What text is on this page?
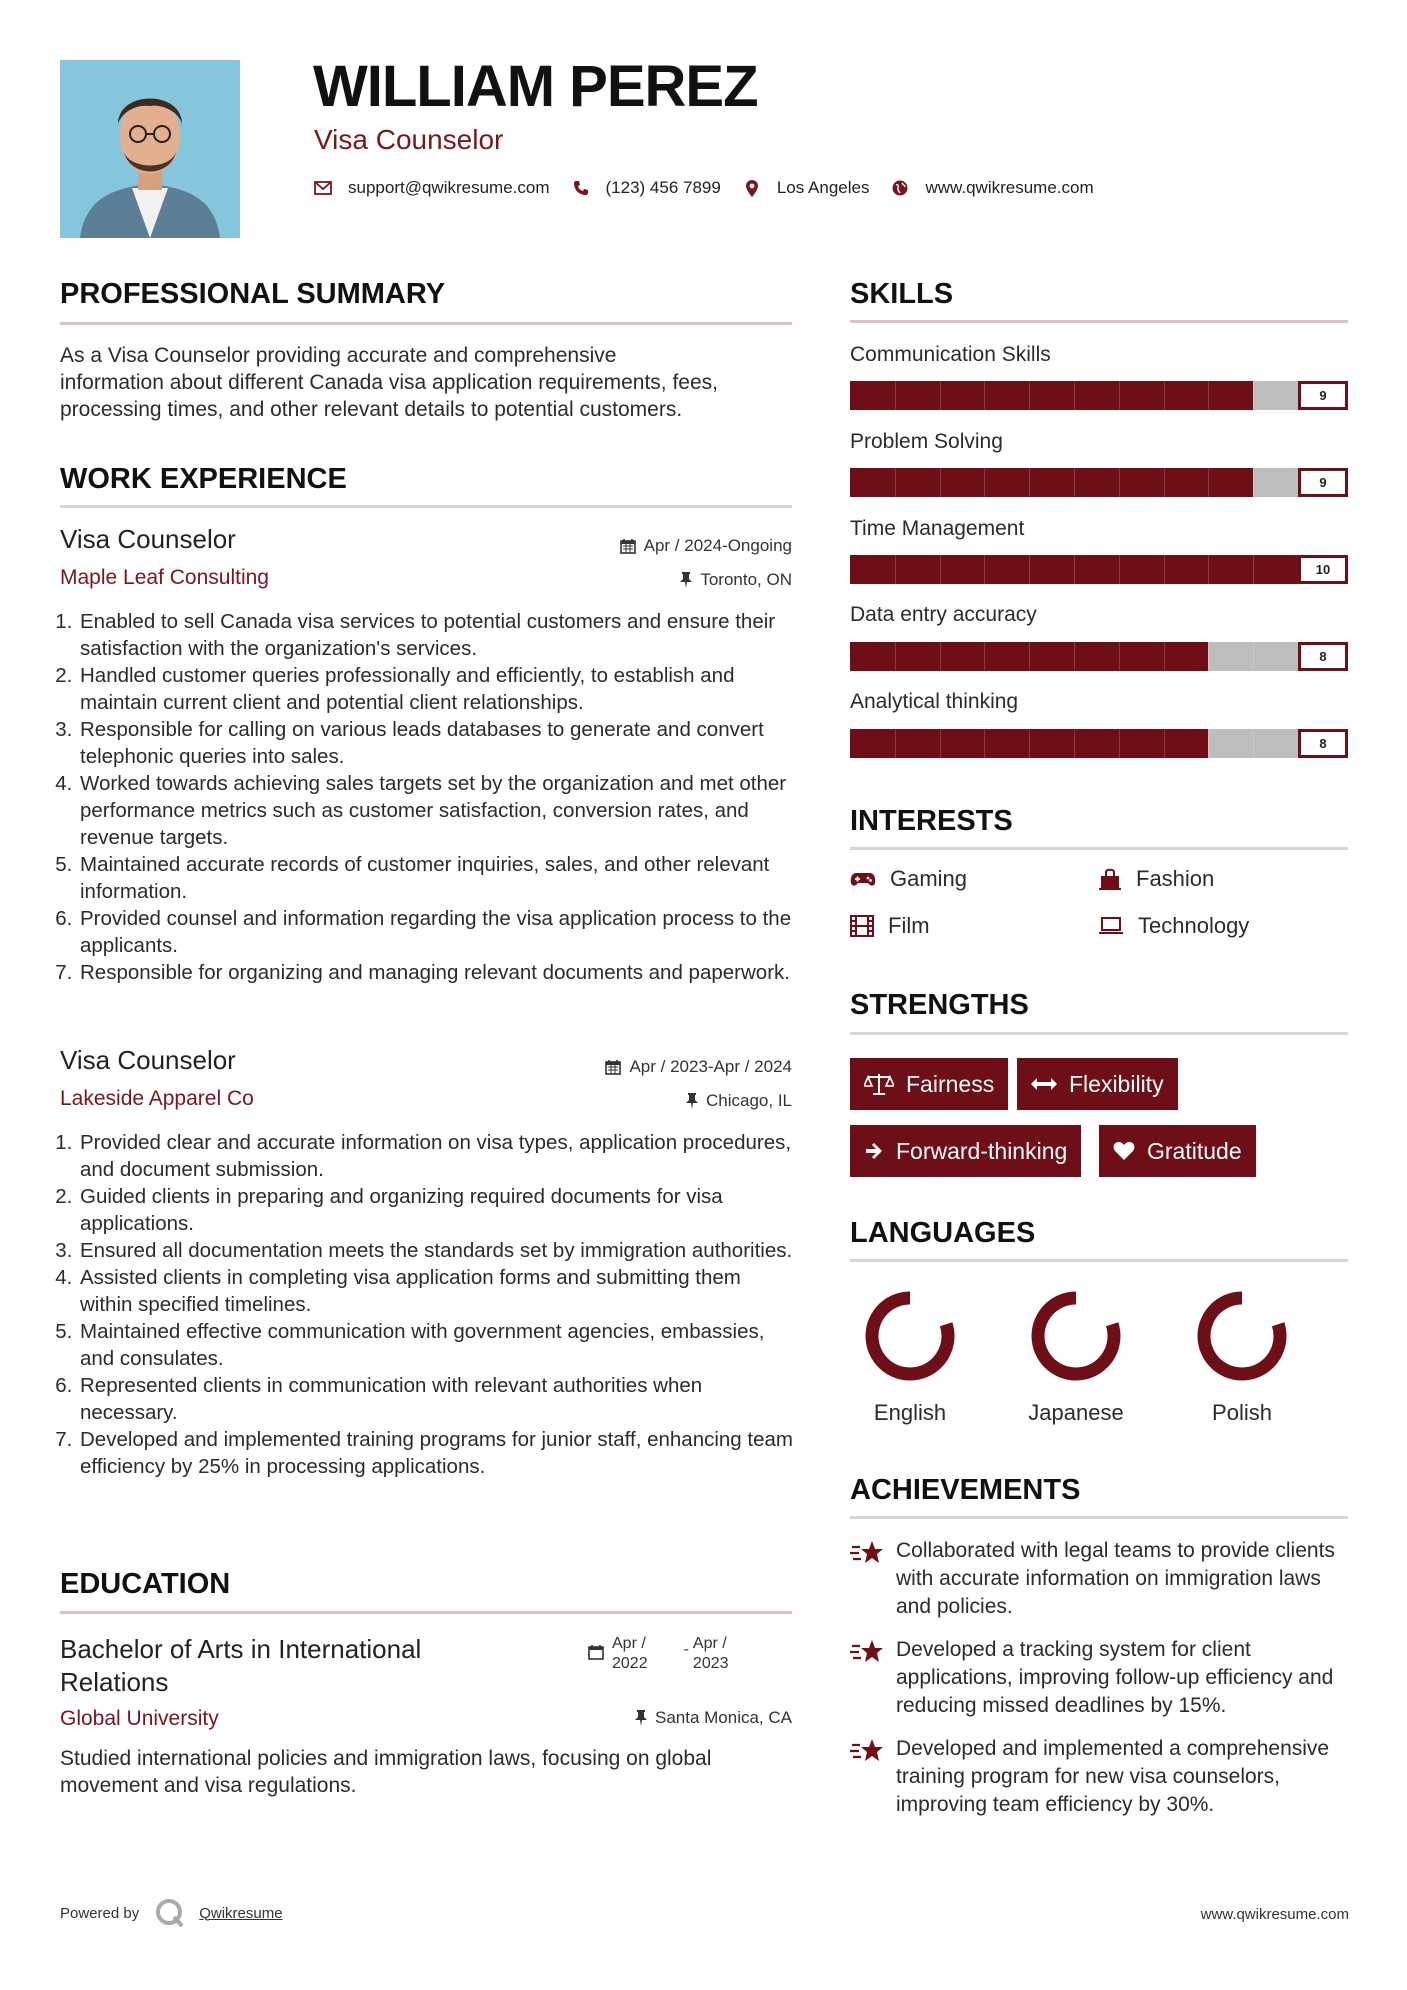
WILLIAM PEREZ
Visa Counselor
support@qwikresume.com	(123) 456 7899	Los Angeles	www.qwikresume.com
PROFESSIONAL SUMMARY
As a Visa Counselor providing accurate and comprehensive
information about different Canada visa application requirements, fees,
processing times, and other relevant details to potential customers.
WORK EXPERIENCE
Visa Counselor
Maple Leaf Consulting
Apr / 2024-Ongoing
Toronto, ON
1. Enabled to sell Canada visa services to potential customers and ensure their satisfaction with the organization's services.
2. Handled customer queries professionally and efficiently, to establish and maintain current client and potential client relationships.
3. Responsible for calling on various leads databases to generate and convert telephonic queries into sales.
4. Worked towards achieving sales targets set by the organization and met other performance metrics such as customer satisfaction, conversion rates, and revenue targets.
5. Maintained accurate records of customer inquiries, sales, and other relevant information.
6. Provided counsel and information regarding the visa application process to the applicants.
7. Responsible for organizing and managing relevant documents and paperwork.
Visa Counselor
Lakeside Apparel Co
Apr / 2023-Apr / 2024
Chicago, IL
1. Provided clear and accurate information on visa types, application procedures, and document submission.
2. Guided clients in preparing and organizing required documents for visa applications.
3. Ensured all documentation meets the standards set by immigration authorities.
4. Assisted clients in completing visa application forms and submitting them within specified timelines.
5. Maintained effective communication with government agencies, embassies, and consulates.
6. Represented clients in communication with relevant authorities when necessary.
7. Developed and implemented training programs for junior staff, enhancing team efficiency by 25% in processing applications.
EDUCATION
Bachelor of Arts in International
Relations
Apr /
2022
- Apr /
2023
Global University	Santa Monica, CA
Studied international policies and immigration laws, focusing on global
movement and visa regulations.
SKILLS
Communication Skills
9
Problem Solving
9
Time Management
10
Data entry accuracy
8
Analytical thinking
8
INTERESTS
Gaming	Fashion
Film	Technology
STRENGTHS
Fairness	Flexibility
Forward-thinking	Gratitude
LANGUAGES
English	Japanese	Polish
ACHIEVEMENTS
Collaborated with legal teams to provide clients with accurate information on immigration laws and policies.
Developed a tracking system for client applications, improving follow-up efficiency and reducing missed deadlines by 15%.
Developed and implemented a comprehensive training program for new visa counselors, improving team efficiency by 30%.
Powered by	Qwikresume	www.qwikresume.com
